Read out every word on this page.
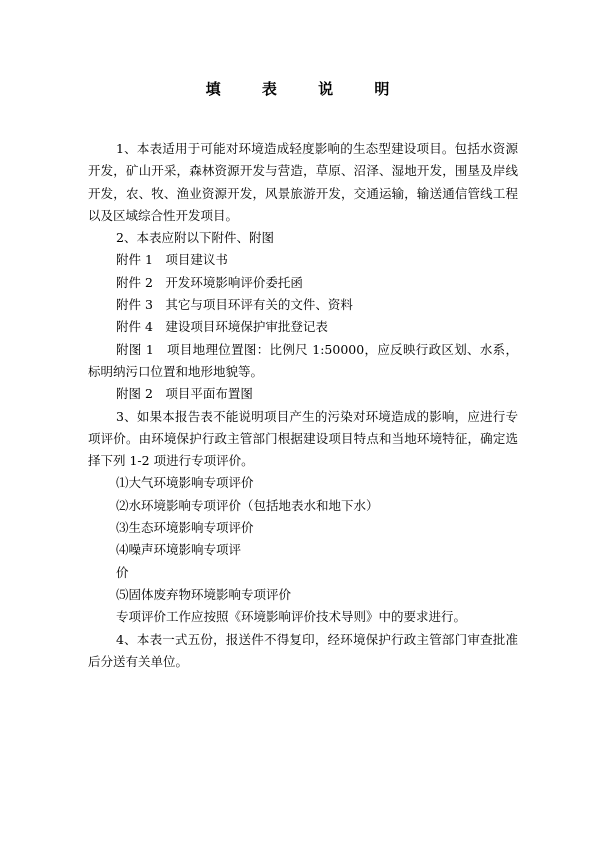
填 表 说 明

1、本表适用于可能对环境造成轻度影响的生态型建设项目。包括水资源开发，矿山开采，森林资源开发与营造，草原、沼泽、湿地开发，围垦及岸线开发，农、牧、渔业资源开发，风景旅游开发，交通运输，输送通信管线工程以及区域综合性开发项目。

2、本表应附以下附件、附图

附件 1　项目建议书

附件 2　开发环境影响评价委托函

附件 3　其它与项目环评有关的文件、资料

附件 4　建设项目环境保护审批登记表

附图 1　项目地理位置图：比例尺 1:50000，应反映行政区划、水系，标明纳污口位置和地形地貌等。

附图 2　项目平面布置图

3、如果本报告表不能说明项目产生的污染对环境造成的影响，应进行专项评价。由环境保护行政主管部门根据建设项目特点和当地环境特征，确定选择下列 1-2 项进行专项评价。

⑴大气环境影响专项评价

⑵水环境影响专项评价（包括地表水和地下水）

⑶生态环境影响专项评价

⑷噪声环境影响专项评

价

⑸固体废弃物环境影响专项评价

专项评价工作应按照《环境影响评价技术导则》中的要求进行。

4、本表一式五份，报送件不得复印，经环境保护行政主管部门审查批准后分送有关单位。
